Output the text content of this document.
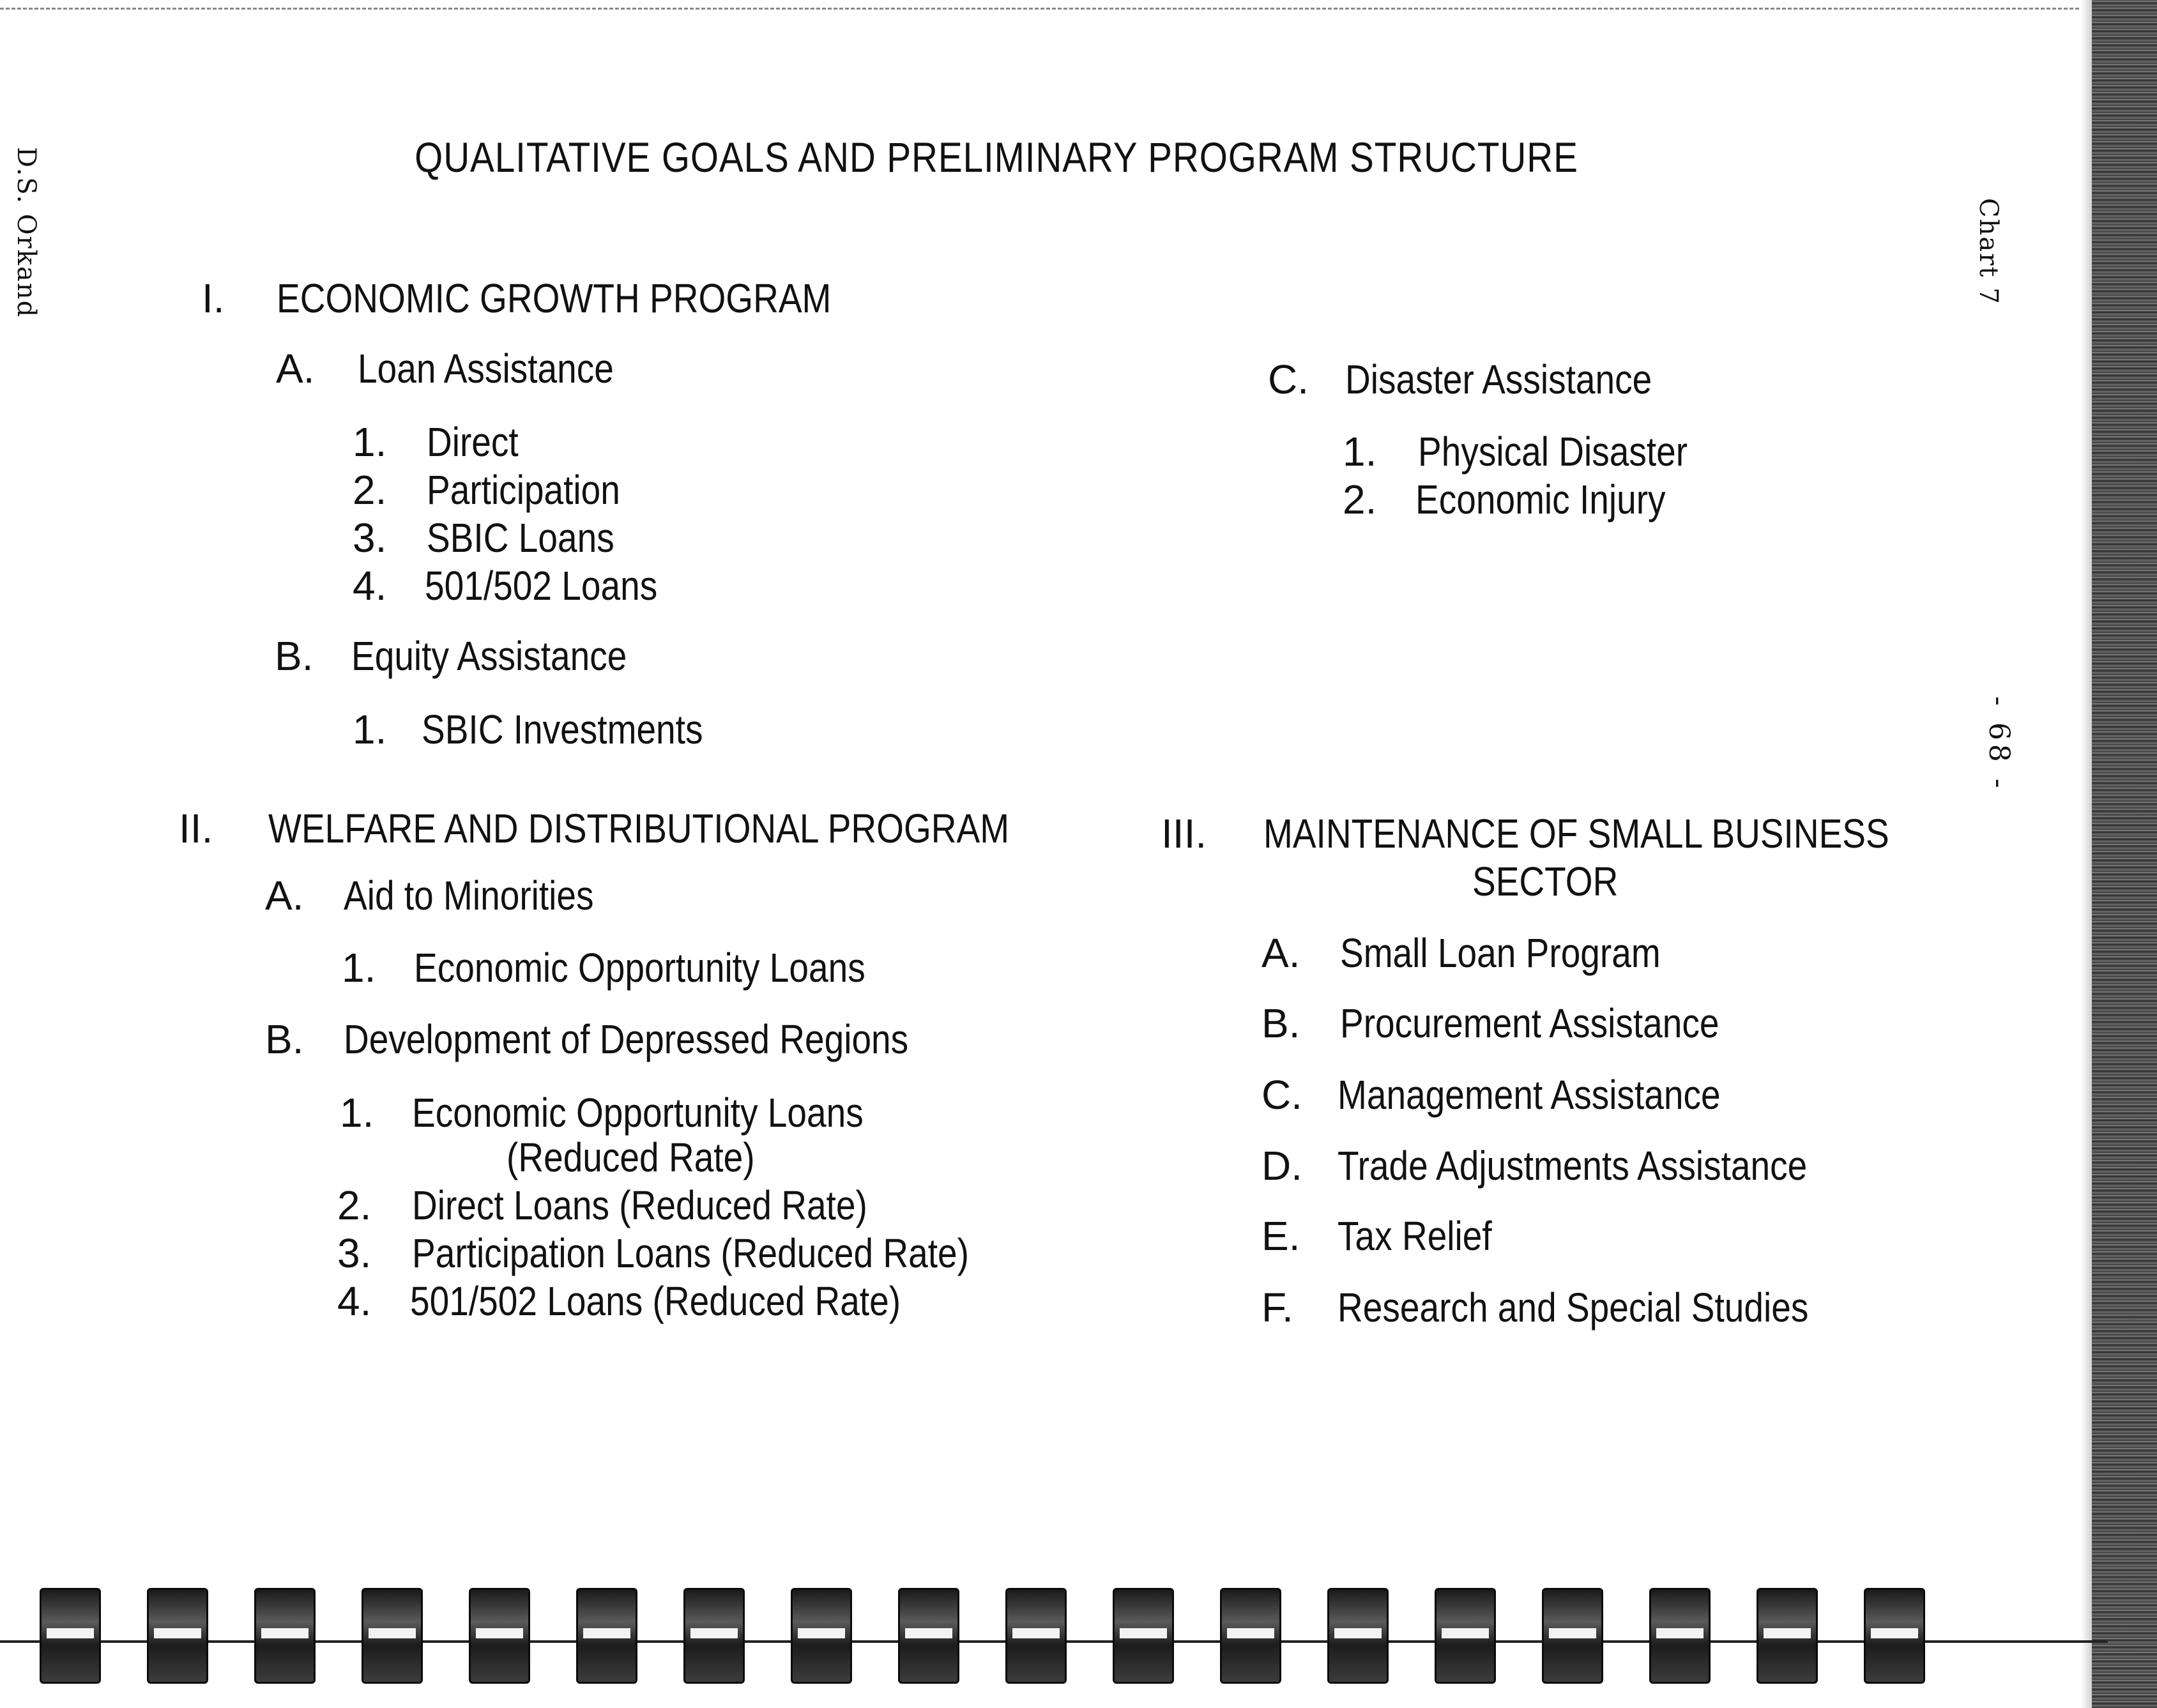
QUALITATIVE GOALS AND PRELIMINARY PROGRAM STRUCTURE
D.S. Orkand	Chart 7
- 68 -
I. ECONOMIC GROWTH PROGRAM
A. Loan Assistance
1. Direct
2. Participation
3. SBIC Loans
4. 501/502 Loans
B. Equity Assistance
1. SBIC Investments
C. Disaster Assistance
1. Physical Disaster
2. Economic Injury
II. WELFARE AND DISTRIBUTIONAL PROGRAM
A. Aid to Minorities
1. Economic Opportunity Loans
B. Development of Depressed Regions
1. Economic Opportunity Loans
(Reduced Rate)
2. Direct Loans (Reduced Rate)
3. Participation Loans (Reduced Rate)
4. 501/502 Loans (Reduced Rate)
III. MAINTENANCE OF SMALL BUSINESS
SECTOR
A. Small Loan Program
B. Procurement Assistance
C. Management Assistance
D. Trade Adjustments Assistance
E. Tax Relief
F. Research and Special Studies
